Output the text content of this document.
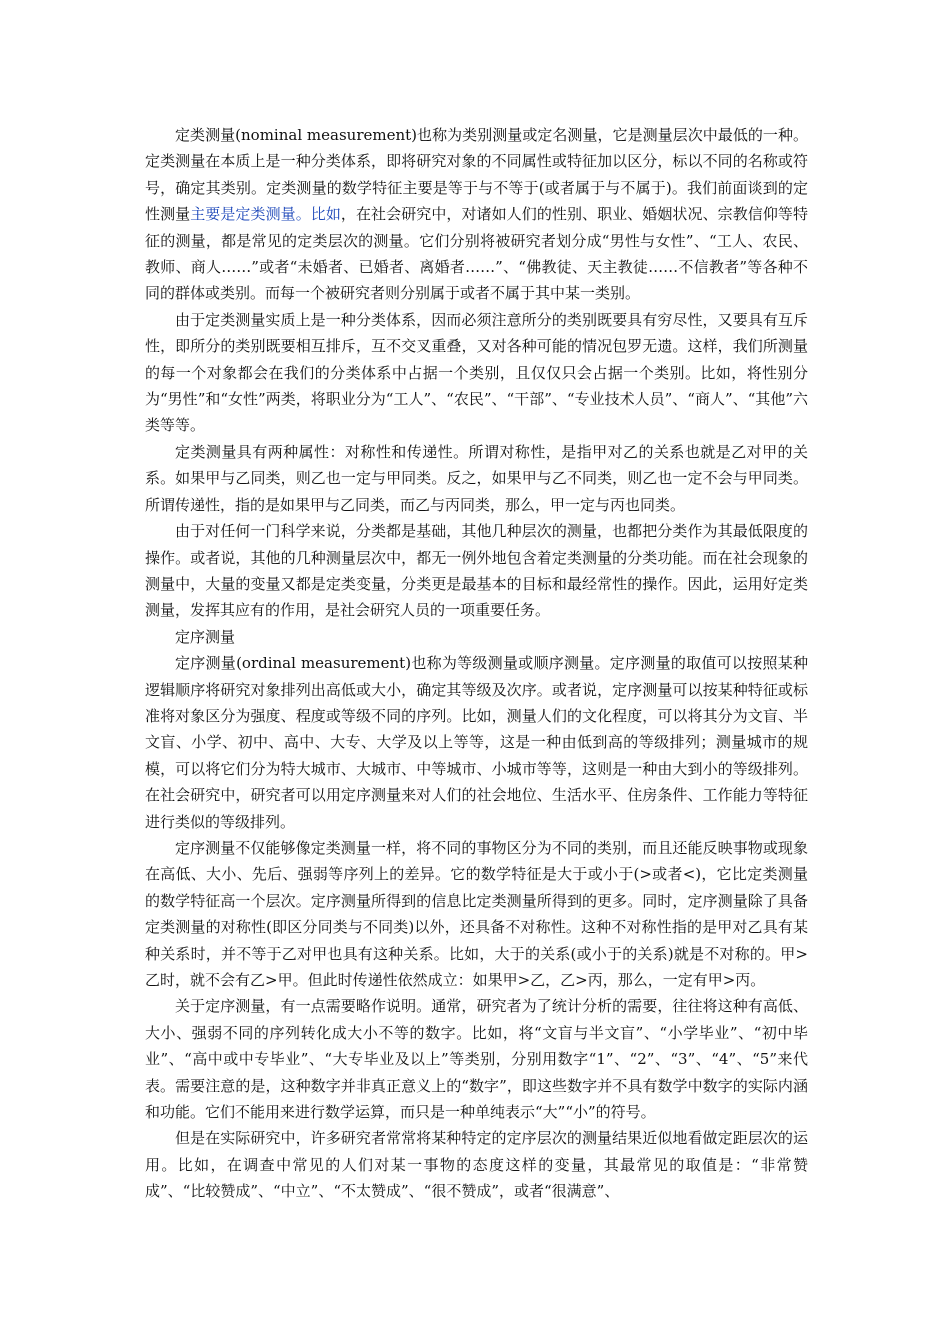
定类测量(nominal measurement)也称为类别测量或定名测量，它是测量层次中最低的一种。定类测量在本质上是一种分类体系，即将研究对象的不同属性或特征加以区分，标以不同的名称或符号，确定其类别。定类测量的数学特征主要是等于与不等于(或者属于与不属于)。我们前面谈到的定性测量主要是定类测量。比如，在社会研究中，对诸如人们的性别、职业、婚姻状况、宗教信仰等特征的测量，都是常见的定类层次的测量。它们分别将被研究者划分成“男性与女性”、“工人、农民、教师、商人……”或者“未婚者、已婚者、离婚者……”、“佛教徒、天主教徒……不信教者”等各种不同的群体或类别。而每一个被研究者则分别属于或者不属于其中某一类别。

由于定类测量实质上是一种分类体系，因而必须注意所分的类别既要具有穷尽性，又要具有互斥性，即所分的类别既要相互排斥，互不交叉重叠，又对各种可能的情况包罗无遗。这样，我们所测量的每一个对象都会在我们的分类体系中占据一个类别，且仅仅只会占据一个类别。比如，将性别分为“男性”和“女性”两类，将职业分为“工人”、“农民”、“干部”、“专业技术人员”、“商人”、“其他”六类等等。

定类测量具有两种属性：对称性和传递性。所谓对称性，是指甲对乙的关系也就是乙对甲的关系。如果甲与乙同类，则乙也一定与甲同类。反之，如果甲与乙不同类，则乙也一定不会与甲同类。所谓传递性，指的是如果甲与乙同类，而乙与丙同类，那么，甲一定与丙也同类。

由于对任何一门科学来说，分类都是基础，其他几种层次的测量，也都把分类作为其最低限度的操作。或者说，其他的几种测量层次中，都无一例外地包含着定类测量的分类功能。而在社会现象的测量中，大量的变量又都是定类变量，分类更是最基本的目标和最经常性的操作。因此，运用好定类测量，发挥其应有的作用，是社会研究人员的一项重要任务。

定序测量

定序测量(ordinal measurement)也称为等级测量或顺序测量。定序测量的取值可以按照某种逻辑顺序将研究对象排列出高低或大小，确定其等级及次序。或者说，定序测量可以按某种特征或标准将对象区分为强度、程度或等级不同的序列。比如，测量人们的文化程度，可以将其分为文盲、半文盲、小学、初中、高中、大专、大学及以上等等，这是一种由低到高的等级排列；测量城市的规模，可以将它们分为特大城市、大城市、中等城市、小城市等等，这则是一种由大到小的等级排列。在社会研究中，研究者可以用定序测量来对人们的社会地位、生活水平、住房条件、工作能力等特征进行类似的等级排列。

定序测量不仅能够像定类测量一样，将不同的事物区分为不同的类别，而且还能反映事物或现象在高低、大小、先后、强弱等序列上的差异。它的数学特征是大于或小于(>或者<)，它比定类测量的数学特征高一个层次。定序测量所得到的信息比定类测量所得到的更多。同时，定序测量除了具备定类测量的对称性(即区分同类与不同类)以外，还具备不对称性。这种不对称性指的是甲对乙具有某种关系时，并不等于乙对甲也具有这种关系。比如，大于的关系(或小于的关系)就是不对称的。甲>乙时，就不会有乙>甲。但此时传递性依然成立：如果甲>乙，乙>丙，那么，一定有甲>丙。

关于定序测量，有一点需要略作说明。通常，研究者为了统计分析的需要，往往将这种有高低、大小、强弱不同的序列转化成大小不等的数字。比如，将“文盲与半文盲”、“小学毕业”、“初中毕业”、“高中或中专毕业”、“大专毕业及以上”等类别，分别用数字“1”、“2”、“3”、“4”、“5”来代表。需要注意的是，这种数字并非真正意义上的“数字”，即这些数字并不具有数学中数字的实际内涵和功能。它们不能用来进行数学运算，而只是一种单纯表示“大”“小”的符号。

但是在实际研究中，许多研究者常常将某种特定的定序层次的测量结果近似地看做定距层次的运用。比如，在调查中常见的人们对某一事物的态度这样的变量，其最常见的取值是：“非常赞成”、“比较赞成”、“中立”、“不太赞成”、“很不赞成”，或者“很满意”、
